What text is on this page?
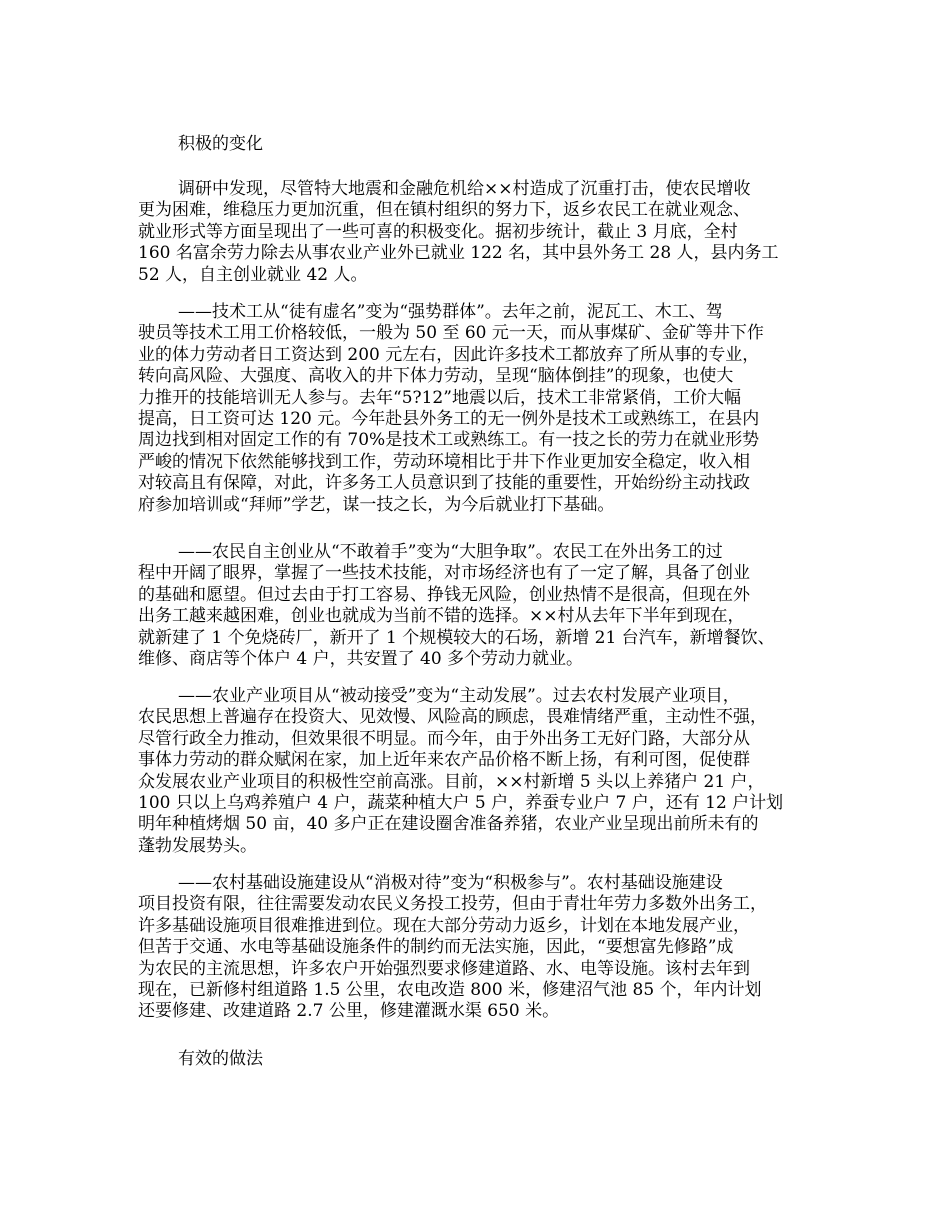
积极的变化
调研中发现，尽管特大地震和金融危机给××村造成了沉重打击，使农民增收
更为困难，维稳压力更加沉重，但在镇村组织的努力下，返乡农民工在就业观念、
就业形式等方面呈现出了一些可喜的积极变化。据初步统计，截止 3 月底，全村
160 名富余劳力除去从事农业产业外已就业 122 名，其中县外务工 28 人，县内务工
52 人，自主创业就业 42 人。
——技术工从“徒有虚名”变为“强势群体”。去年之前，泥瓦工、木工、驾
驶员等技术工用工价格较低，一般为 50 至 60 元一天，而从事煤矿、金矿等井下作
业的体力劳动者日工资达到 200 元左右，因此许多技术工都放弃了所从事的专业，
转向高风险、大强度、高收入的井下体力劳动，呈现“脑体倒挂”的现象，也使大
力推开的技能培训无人参与。去年“5?12”地震以后，技术工非常紧俏，工价大幅
提高，日工资可达 120 元。今年赴县外务工的无一例外是技术工或熟练工，在县内
周边找到相对固定工作的有 70%是技术工或熟练工。有一技之长的劳力在就业形势
严峻的情况下依然能够找到工作，劳动环境相比于井下作业更加安全稳定，收入相
对较高且有保障，对此，许多务工人员意识到了技能的重要性，开始纷纷主动找政
府参加培训或“拜师”学艺，谋一技之长，为今后就业打下基础。
——农民自主创业从“不敢着手”变为“大胆争取”。农民工在外出务工的过
程中开阔了眼界，掌握了一些技术技能，对市场经济也有了一定了解，具备了创业
的基础和愿望。但过去由于打工容易、挣钱无风险，创业热情不是很高，但现在外
出务工越来越困难，创业也就成为当前不错的选择。××村从去年下半年到现在，
就新建了 1 个免烧砖厂，新开了 1 个规模较大的石场，新增 21 台汽车，新增餐饮、
维修、商店等个体户 4 户，共安置了 40 多个劳动力就业。
——农业产业项目从“被动接受”变为“主动发展”。过去农村发展产业项目，
农民思想上普遍存在投资大、见效慢、风险高的顾虑，畏难情绪严重，主动性不强，
尽管行政全力推动，但效果很不明显。而今年，由于外出务工无好门路，大部分从
事体力劳动的群众赋闲在家，加上近年来农产品价格不断上扬，有利可图，促使群
众发展农业产业项目的积极性空前高涨。目前，××村新增 5 头以上养猪户 21 户，
100 只以上乌鸡养殖户 4 户，蔬菜种植大户 5 户，养蚕专业户 7 户，还有 12 户计划
明年种植烤烟 50 亩，40 多户正在建设圈舍准备养猪，农业产业呈现出前所未有的
蓬勃发展势头。
——农村基础设施建设从“消极对待”变为“积极参与”。农村基础设施建设
项目投资有限，往往需要发动农民义务投工投劳，但由于青壮年劳力多数外出务工，
许多基础设施项目很难推进到位。现在大部分劳动力返乡，计划在本地发展产业，
但苦于交通、水电等基础设施条件的制约而无法实施，因此，“要想富先修路”成
为农民的主流思想，许多农户开始强烈要求修建道路、水、电等设施。该村去年到
现在，已新修村组道路 1.5 公里，农电改造 800 米，修建沼气池 85 个，年内计划
还要修建、改建道路 2.7 公里，修建灌溉水渠 650 米。
有效的做法
